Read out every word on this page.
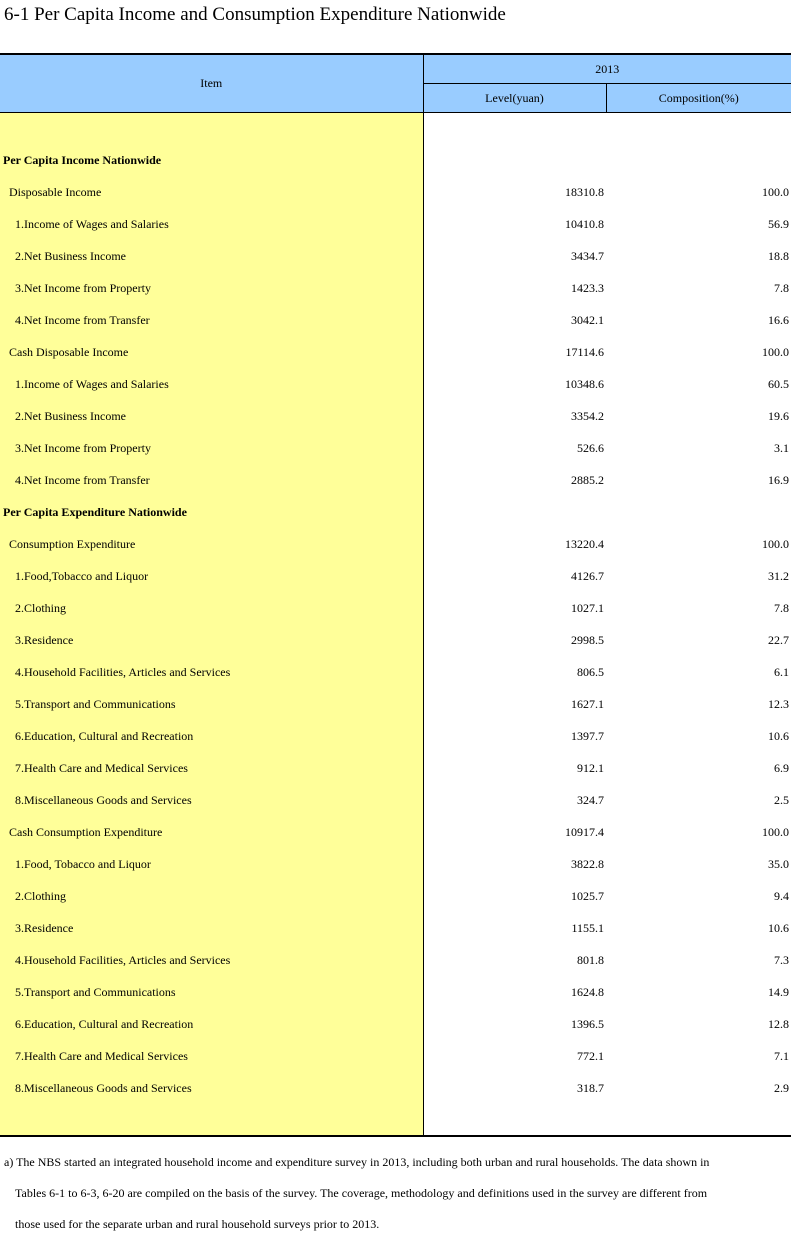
6-1 Per Capita Income and Consumption Expenditure Nationwide
Item	2013	
	Level(yuan)	Composition(%)

Per Capita Income Nationwide		
Disposable Income	18310.8	100.0
1.Income of Wages and Salaries	10410.8	56.9
2.Net Business Income	3434.7	18.8
3.Net Income from Property	1423.3	7.8
4.Net Income from Transfer	3042.1	16.6
Cash Disposable Income	17114.6	100.0
1.Income of Wages and Salaries	10348.6	60.5
2.Net Business Income	3354.2	19.6
3.Net Income from Property	526.6	3.1
4.Net Income from Transfer	2885.2	16.9
Per Capita Expenditure Nationwide		
Consumption Expenditure	13220.4	100.0
1.Food,Tobacco and Liquor	4126.7	31.2
2.Clothing	1027.1	7.8
3.Residence	2998.5	22.7
4.Household Facilities, Articles and Services	806.5	6.1
5.Transport and Communications	1627.1	12.3
6.Education, Cultural and Recreation	1397.7	10.6
7.Health Care and Medical Services	912.1	6.9
8.Miscellaneous Goods and Services	324.7	2.5
Cash Consumption Expenditure	10917.4	100.0
1.Food, Tobacco and Liquor	3822.8	35.0
2.Clothing	1025.7	9.4
3.Residence	1155.1	10.6
4.Household Facilities, Articles and Services	801.8	7.3
5.Transport and Communications	1624.8	14.9
6.Education, Cultural and Recreation	1396.5	12.8
7.Health Care and Medical Services	772.1	7.1
8.Miscellaneous Goods and Services	318.7	2.9

a) The NBS started an integrated household income and expenditure survey in 2013, including both urban and rural households. The data shown in
Tables 6-1 to 6-3, 6-20 are compiled on the basis of the survey. The coverage, methodology and definitions used in the survey are different from
those used for the separate urban and rural household surveys prior to 2013.
